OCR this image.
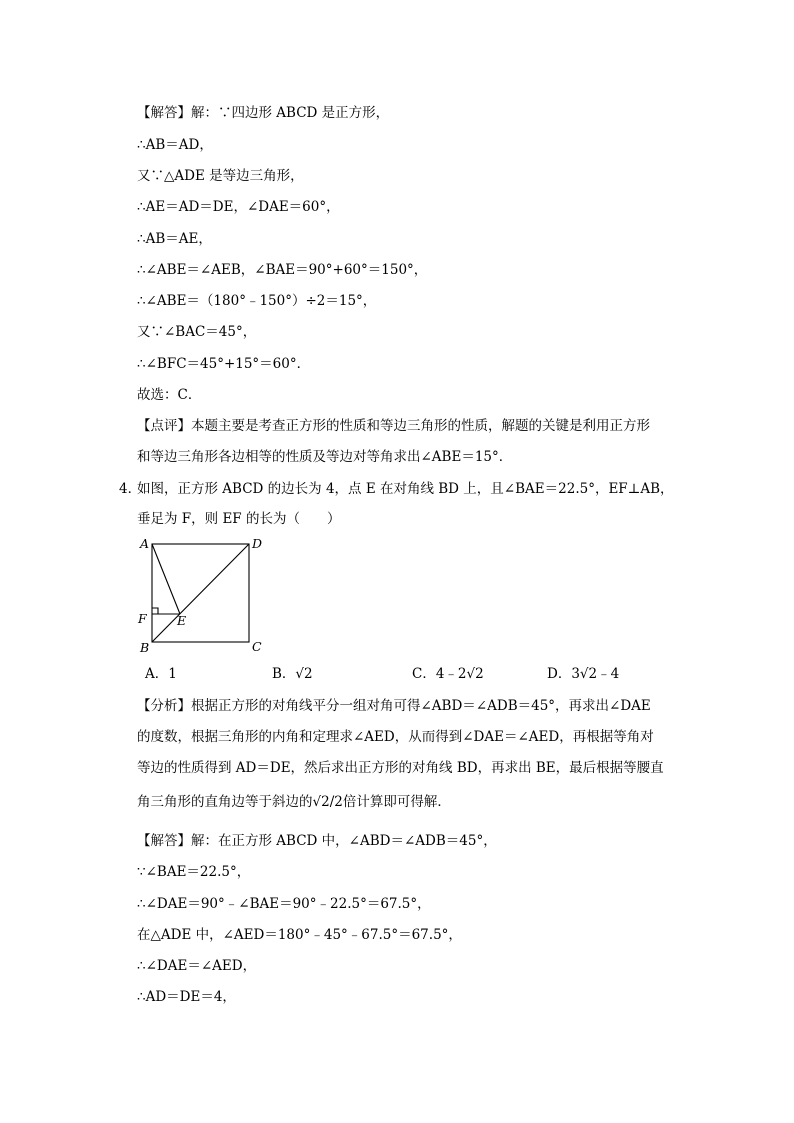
【解答】解：∵四边形 ABCD 是正方形，
∴AB＝AD，
又∵△ADE 是等边三角形，
∴AE＝AD＝DE，∠DAE＝60°，
∴AB＝AE，
∴∠ABE＝∠AEB，∠BAE＝90°+60°＝150°，
∴∠ABE＝（180°﹣150°）÷2＝15°，
又∵∠BAC＝45°，
∴∠BFC＝45°+15°＝60°．
故选：C．
【点评】本题主要是考查正方形的性质和等边三角形的性质，解题的关键是利用正方形
和等边三角形各边相等的性质及等边对等角求出∠ABE＝15°．
4．
如图，正方形 ABCD 的边长为 4，点 E 在对角线 BD 上，且∠BAE＝22.5°，EF⊥AB，
垂足为 F，则 EF 的长为（　　）
A
B	C
D
E
F
A．1	B．√2	C．4﹣2√2	D．3√2﹣4
【分析】根据正方形的对角线平分一组对角可得∠ABD＝∠ADB＝45°，再求出∠DAE
的度数，根据三角形的内角和定理求∠AED，从而得到∠DAE＝∠AED，再根据等角对
等边的性质得到 AD＝DE，然后求出正方形的对角线 BD，再求出 BE，最后根据等腰直
角三角形的直角边等于斜边的√2/2倍计算即可得解．
【解答】解：在正方形 ABCD 中，∠ABD＝∠ADB＝45°，
∵∠BAE＝22.5°，
∴∠DAE＝90°﹣∠BAE＝90°﹣22.5°＝67.5°，
在△ADE 中，∠AED＝180°﹣45°﹣67.5°＝67.5°，
∴∠DAE＝∠AED，
∴AD＝DE＝4，
